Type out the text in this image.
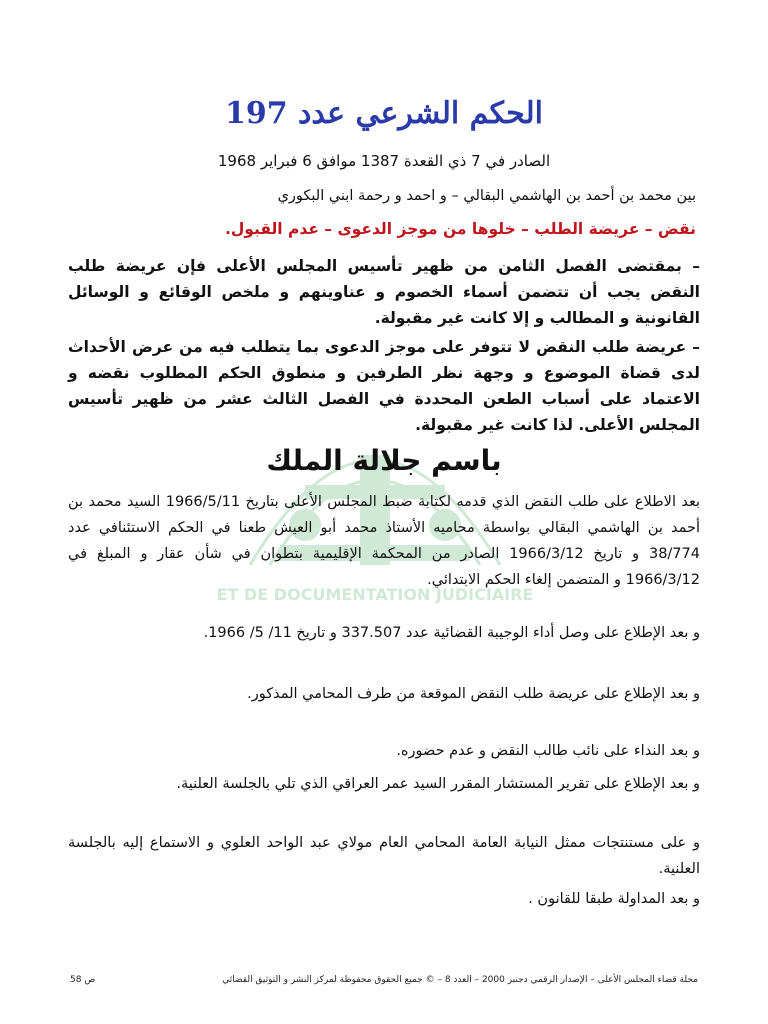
ET DE DOCUMENTATION JUDICIAIRE
الحكم الشرعي عدد 197
الصادر في 7 ذي القعدة 1387 موافق 6 فبراير 1968
بين محمد بن أحمد بن الهاشمي البقالي – و احمد و رحمة ابني البكوري
نقض – عريضة الطلب – خلوها من موجز الدعوى – عدم القبول.
– بمقتضى الفصل الثامن من ظهير تأسيس المجلس الأعلى فإن عريضة طلب النقض يجب أن تتضمن أسماء الخصوم و عناوينهم و ملخص الوقائع و الوسائل القانونية و المطالب و إلا كانت غير مقبولة.
– عريضة طلب النقض لا تتوفر على موجز الدعوى بما يتطلب فيه من عرض الأحداث لدى قضاة الموضوع و وجهة نظر الطرفين و منطوق الحكم المطلوب نقضه و الاعتماد على أسباب الطعن المحددة في الفصل الثالث عشر من ظهير تأسيس المجلس الأعلى. لذا كانت غير مقبولة.
باسم جلالة الملك
بعد الاطلاع على طلب النقض الذي قدمه لكتابة ضبط المجلس الأعلى بتاريخ 1966/5/11 السيد محمد بن أحمد بن الهاشمي البقالي بواسطة محاميه الأستاذ محمد أبو العيش طعنا في الحكم الاستئنافي عدد 38/774 و تاريخ 1966/3/12 الصادر من المحكمة الإقليمية بتطوان في شأن عقار و المبلغ في 1966/3/12 و المتضمن إلغاء الحكم الابتدائي.
و بعد الإطلاع على وصل أداء الوجيبة القضائية عدد 337.507 و تاريخ 11/ 5/ 1966.
و بعد الإطلاع على عريضة طلب النقض الموقعة من طرف المحامي المذكور.
و بعد النداء على نائب طالب النقض و عدم حضوره.
و بعد الإطلاع على تقرير المستشار المقرر السيد عمر العراقي الذي تلي بالجلسة العلنية.
و على مستنتجات ممثل النيابة العامة المحامي العام مولاي عبد الواحد العلوي و الاستماع إليه بالجلسة العلنية.
و بعد المداولة طبقا للقانون .
مجلة قضاء المجلس الأعلى – الإصدار الرقمي دجنبر 2000 – العدد 8 – © جميع الحقوق محفوظة لمركز النشر و التوثيق القضائي
ص 58
